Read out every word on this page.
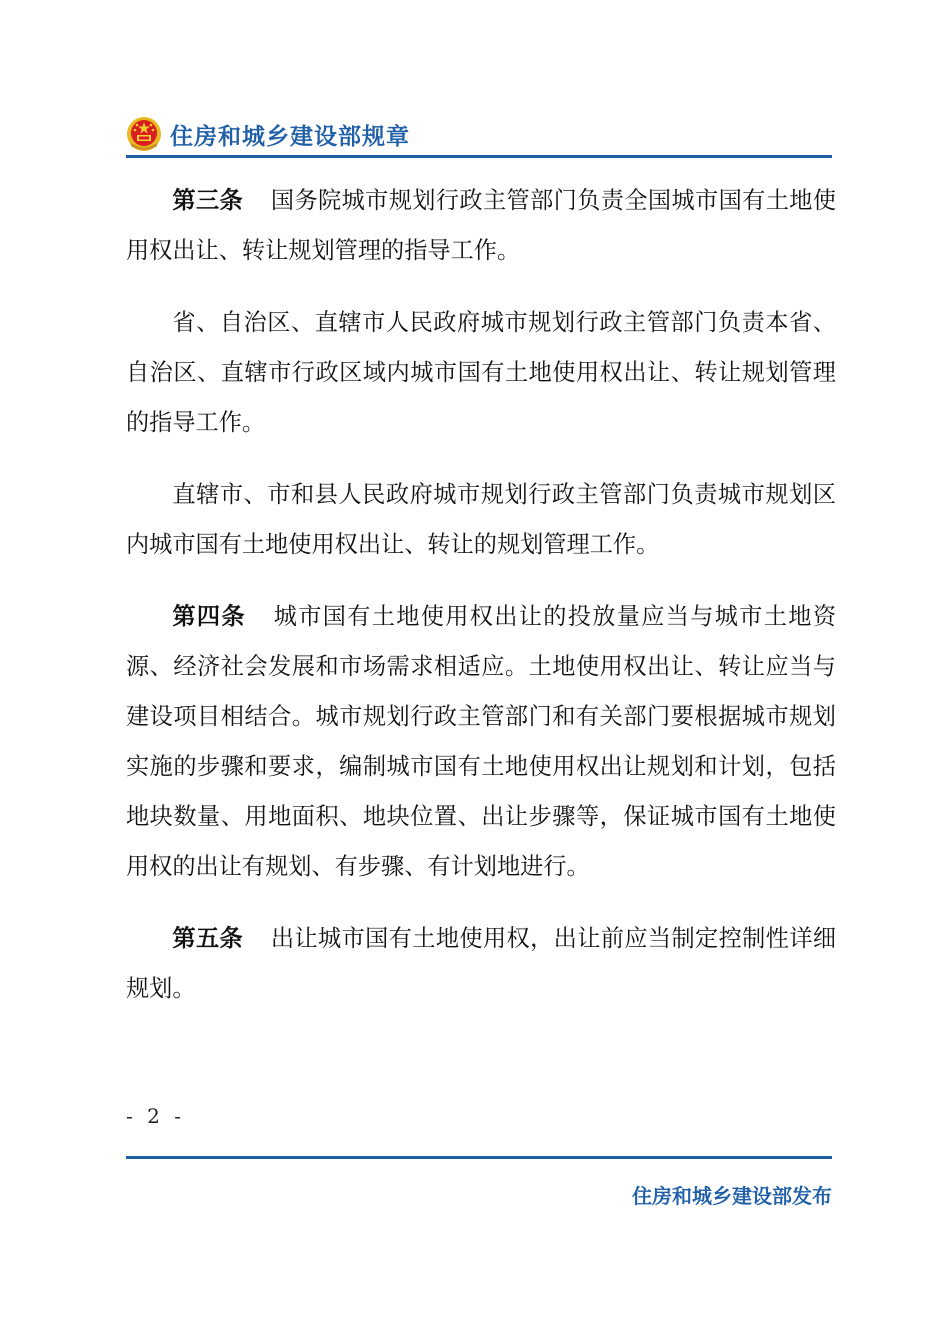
住房和城乡建设部规章

第三条 国务院城市规划行政主管部门负责全国城市国有土地使用权出让、转让规划管理的指导工作。

省、自治区、直辖市人民政府城市规划行政主管部门负责本省、自治区、直辖市行政区域内城市国有土地使用权出让、转让规划管理的指导工作。

直辖市、市和县人民政府城市规划行政主管部门负责城市规划区内城市国有土地使用权出让、转让的规划管理工作。

第四条 城市国有土地使用权出让的投放量应当与城市土地资源、经济社会发展和市场需求相适应。土地使用权出让、转让应当与建设项目相结合。城市规划行政主管部门和有关部门要根据城市规划实施的步骤和要求，编制城市国有土地使用权出让规划和计划，包括地块数量、用地面积、地块位置、出让步骤等，保证城市国有土地使用权的出让有规划、有步骤、有计划地进行。

第五条 出让城市国有土地使用权，出让前应当制定控制性详细规划。

- 2 -
住房和城乡建设部发布
